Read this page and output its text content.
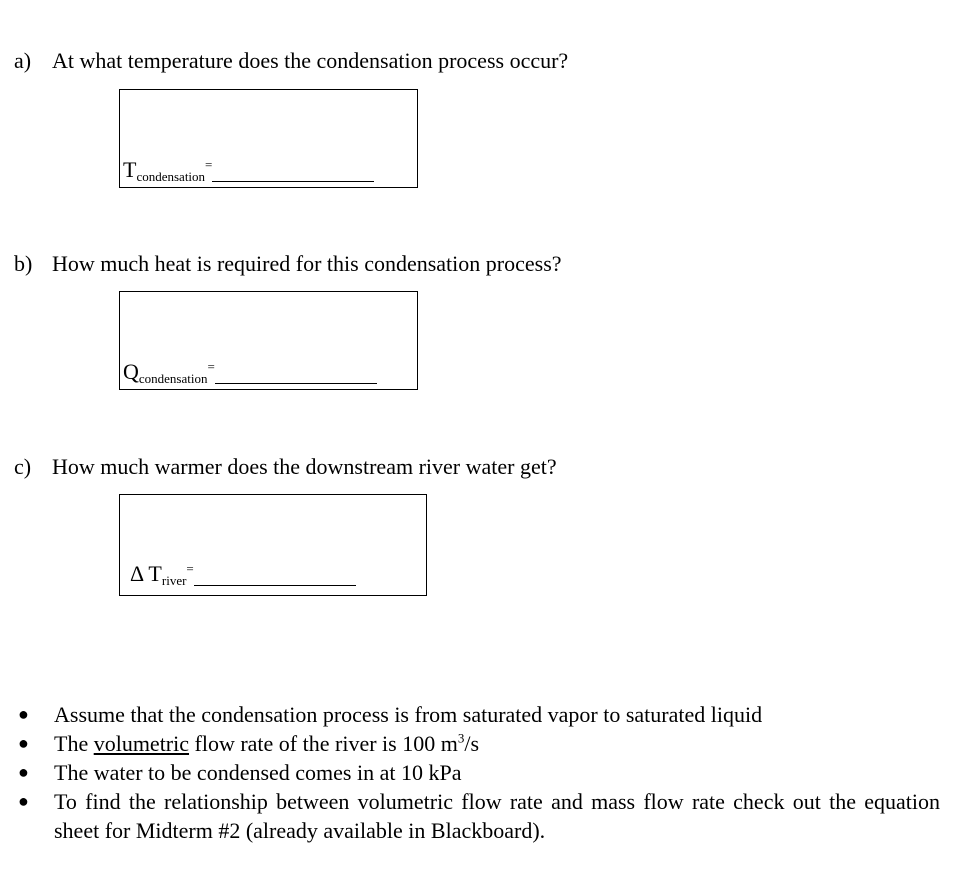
a) At what temperature does the condensation process occur?
T condensation
=
b) How much heat is required for this condensation process?
Q condensation
=
c) How much warmer does the downstream river water get?
Δ T river
=
●	Assume that the condensation process is from saturated vapor to saturated liquid
●	The volumetric flow rate of the river is 100 $m^3/s$
●	The water to be condensed comes in at 10 kPa
●	To find the relationship between volumetric flow rate and mass flow rate check out the equation sheet for Midterm #2 (already available in Blackboard).
